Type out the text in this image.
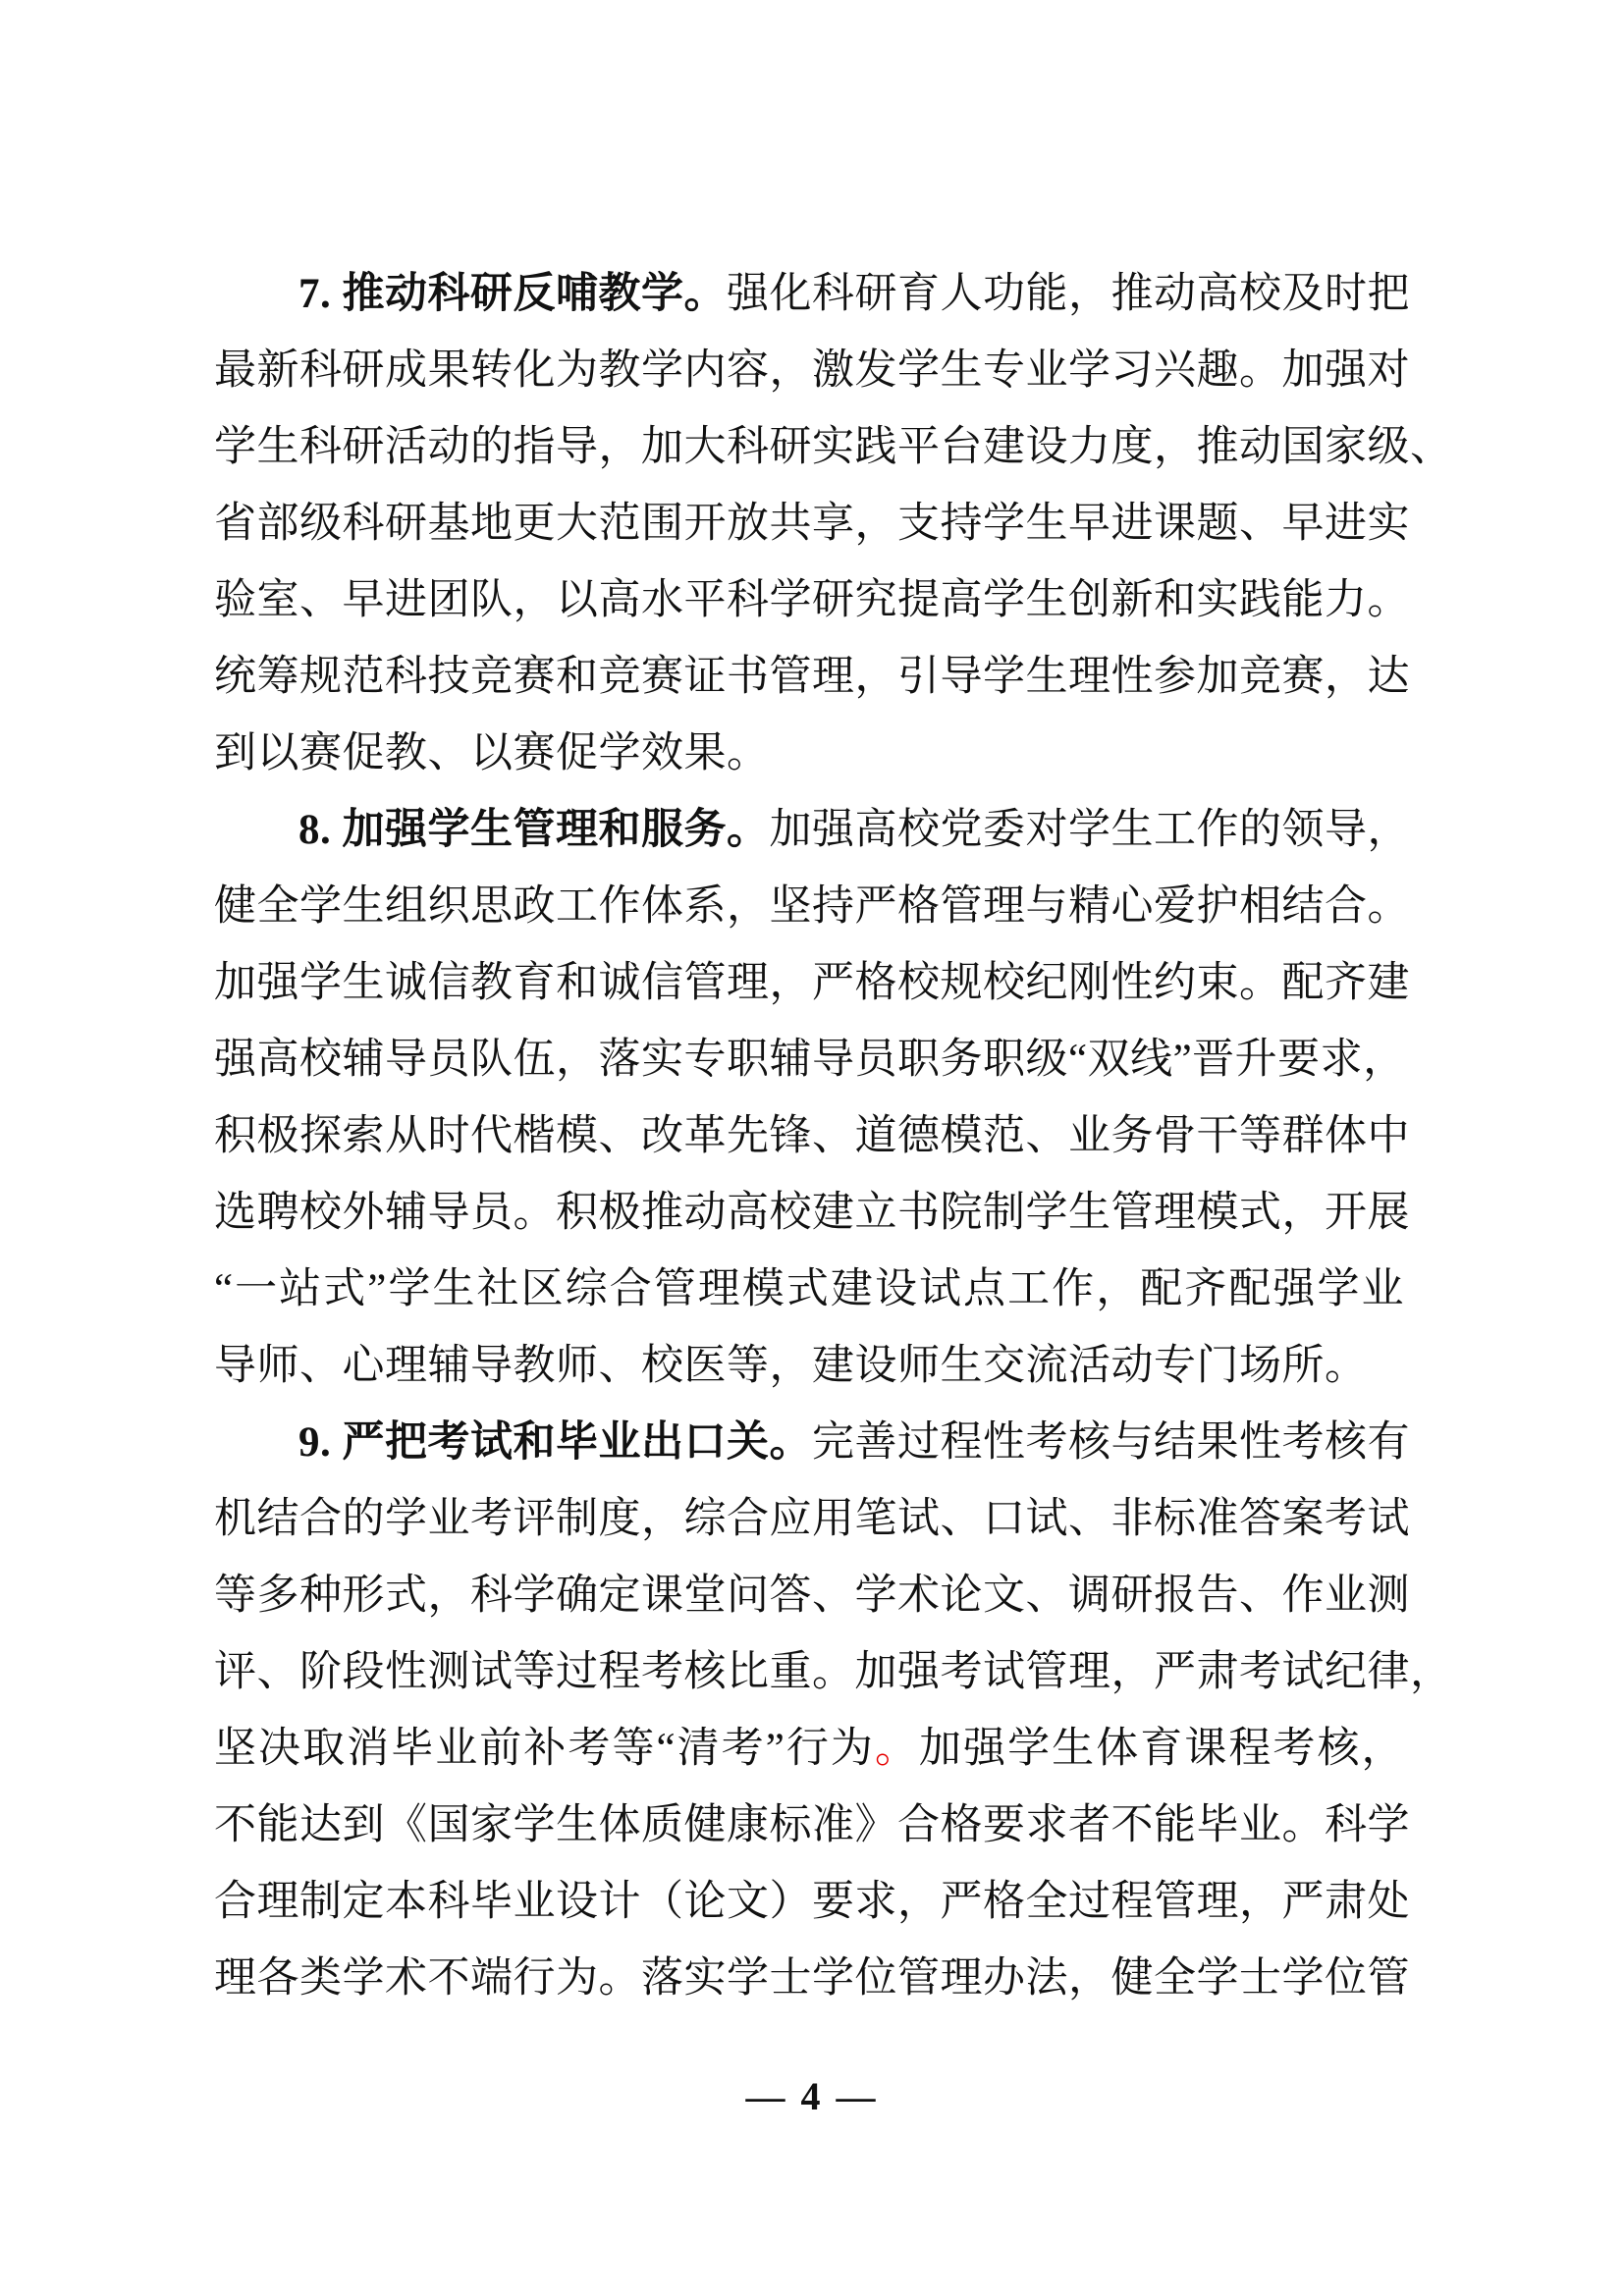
7. 推动科研反哺教学。强化科研育人功能，推动高校及时把
最新科研成果转化为教学内容，激发学生专业学习兴趣。加强对
学生科研活动的指导，加大科研实践平台建设力度，推动国家级、
省部级科研基地更大范围开放共享，支持学生早进课题、早进实
验室、早进团队，以高水平科学研究提高学生创新和实践能力。
统筹规范科技竞赛和竞赛证书管理，引导学生理性参加竞赛，达
到以赛促教、以赛促学效果。
8. 加强学生管理和服务。加强高校党委对学生工作的领导，
健全学生组织思政工作体系，坚持严格管理与精心爱护相结合。
加强学生诚信教育和诚信管理，严格校规校纪刚性约束。配齐建
强高校辅导员队伍，落实专职辅导员职务职级“双线”晋升要求，
积极探索从时代楷模、改革先锋、道德模范、业务骨干等群体中
选聘校外辅导员。积极推动高校建立书院制学生管理模式，开展
“一站式”学生社区综合管理模式建设试点工作，配齐配强学业
导师、心理辅导教师、校医等，建设师生交流活动专门场所。
9. 严把考试和毕业出口关。完善过程性考核与结果性考核有
机结合的学业考评制度，综合应用笔试、口试、非标准答案考试
等多种形式，科学确定课堂问答、学术论文、调研报告、作业测
评、阶段性测试等过程考核比重。加强考试管理，严肃考试纪律，
坚决取消毕业前补考等“清考”行为。加强学生体育课程考核，
不能达到《国家学生体质健康标准》合格要求者不能毕业。科学
合理制定本科毕业设计（论文）要求，严格全过程管理，严肃处
理各类学术不端行为。落实学士学位管理办法，健全学士学位管
— 4 —
